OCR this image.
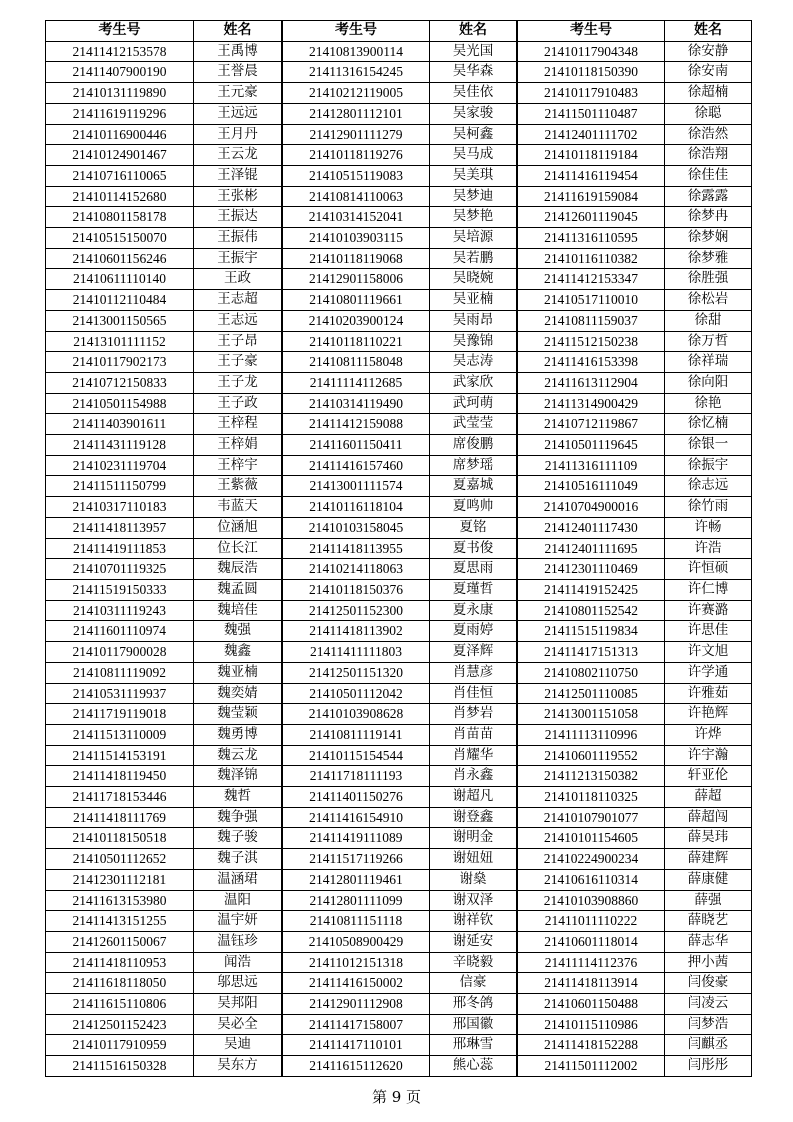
考生号	姓名
21411412153578	王禹博
21411407900190	王誉晨
21410131119890	王元豪
21411619119296	王远远
21410116900446	王月丹
21410124901467	王云龙
21410716110065	王泽锟
21410114152680	王张彬
21410801158178	王振达
21410515150070	王振伟
21410601156246	王振宇
21410611110140	王政
21410112110484	王志超
21413001150565	王志远
21413101111152	王子昂
21410117902173	王子豪
21410712150833	王子龙
21410501154988	王子政
21411403901611	王梓程
21411431119128	王梓娟
21410231119704	王梓宇
21411511150799	王紫薇
21410317110183	韦蓝天
21411418113957	位涵旭
21411419111853	位长江
21410701119325	魏辰浩
21411519150333	魏孟圆
21410311119243	魏培佳
21411601110974	魏强
21410117900028	魏鑫
21410811119092	魏亚楠
21410531119937	魏奕婧
21411719119018	魏莹颖
21411513110009	魏勇博
21411514153191	魏云龙
21411418119450	魏泽锦
21411718153446	魏哲
21411418111769	魏争强
21410118150518	魏子骏
21410501112652	魏子淇
21412301112181	温涵珺
21411613153980	温阳
21411413151255	温宇妍
21412601150067	温钰珍
21411418110953	闻浩
21411618118050	邬思远
21411615110806	吴邦阳
21412501152423	吴必全
21410117910959	吴迪
21411516150328	吴东方
考生号	姓名
21410813900114	吴光国
21411316154245	吴华森
21410212119005	吴佳依
21412801112101	吴家骏
21412901111279	吴柯鑫
21410118119276	吴马成
21410515119083	吴美琪
21410814110063	吴梦迪
21410314152041	吴梦艳
21410103903115	吴培源
21410118119068	吴若鹏
21412901158006	吴晓婉
21410801119661	吴亚楠
21410203900124	吴雨昂
21410118110221	吴豫锦
21410811158048	吴志涛
21411114112685	武家欣
21410314119490	武珂萌
21411412159088	武莹莹
21411601150411	席俊鹏
21411416157460	席梦瑶
21413001111574	夏嘉城
21410116118104	夏鸣帅
21410103158045	夏铭
21411418113955	夏书俊
21410214118063	夏思雨
21410118150376	夏瑾哲
21412501152300	夏永康
21411418113902	夏雨婷
21411411111803	夏泽辉
21412501151320	肖慧彦
21410501112042	肖佳恒
21410103908628	肖梦岩
21410811119141	肖苗苗
21410115154544	肖耀华
21411718111193	肖永鑫
21411401150276	谢超凡
21411416154910	谢登鑫
21411419111089	谢明金
21411517119266	谢妞妞
21412801119461	谢燊
21412801111099	谢双泽
21410811151118	谢祥钦
21410508900429	谢延安
21411012151318	辛晓毅
21411416150002	信豪
21412901112908	邢冬鸽
21411417158007	邢国徽
21411417110101	邢琳雪
21411615112620	熊心蕊
考生号	姓名
21410117904348	徐安静
21410118150390	徐安南
21410117910483	徐超楠
21411501110487	徐聪
21412401111702	徐浩然
21410118119184	徐浩翔
21411416119454	徐佳佳
21411619159084	徐露露
21412601119045	徐梦冉
21411316110595	徐梦娴
21410116110382	徐梦雅
21411412153347	徐胜强
21410517110010	徐松岩
21410811159037	徐甜
21411512150238	徐万哲
21411416153398	徐祥瑞
21411613112904	徐向阳
21411314900429	徐艳
21410712119867	徐忆楠
21410501119645	徐银一
21411316111109	徐振宇
21410516111049	徐志远
21410704900016	徐竹雨
21412401117430	许畅
21412401111695	许浩
21412301110469	许恒硕
21411419152425	许仁博
21410801152542	许赛潞
21411515119834	许思佳
21411417151313	许文旭
21410802110750	许学通
21412501110085	许雅茹
21413001151058	许艳辉
21411113110996	许烨
21410601119552	许宇瀚
21411213150382	轩亚伦
21410118110325	薛超
21410107901077	薛超闯
21410101154605	薛昊玮
21410224900234	薛建辉
21410616110314	薛康健
21410103908860	薛强
21411011110222	薛晓艺
21410601118014	薛志华
21411114112376	押小茜
21411418113914	闫俊豪
21410601150488	闫凌云
21410115110986	闫梦浩
21411418152288	闫麒丞
21411501112002	闫彤彤
第 9 页
